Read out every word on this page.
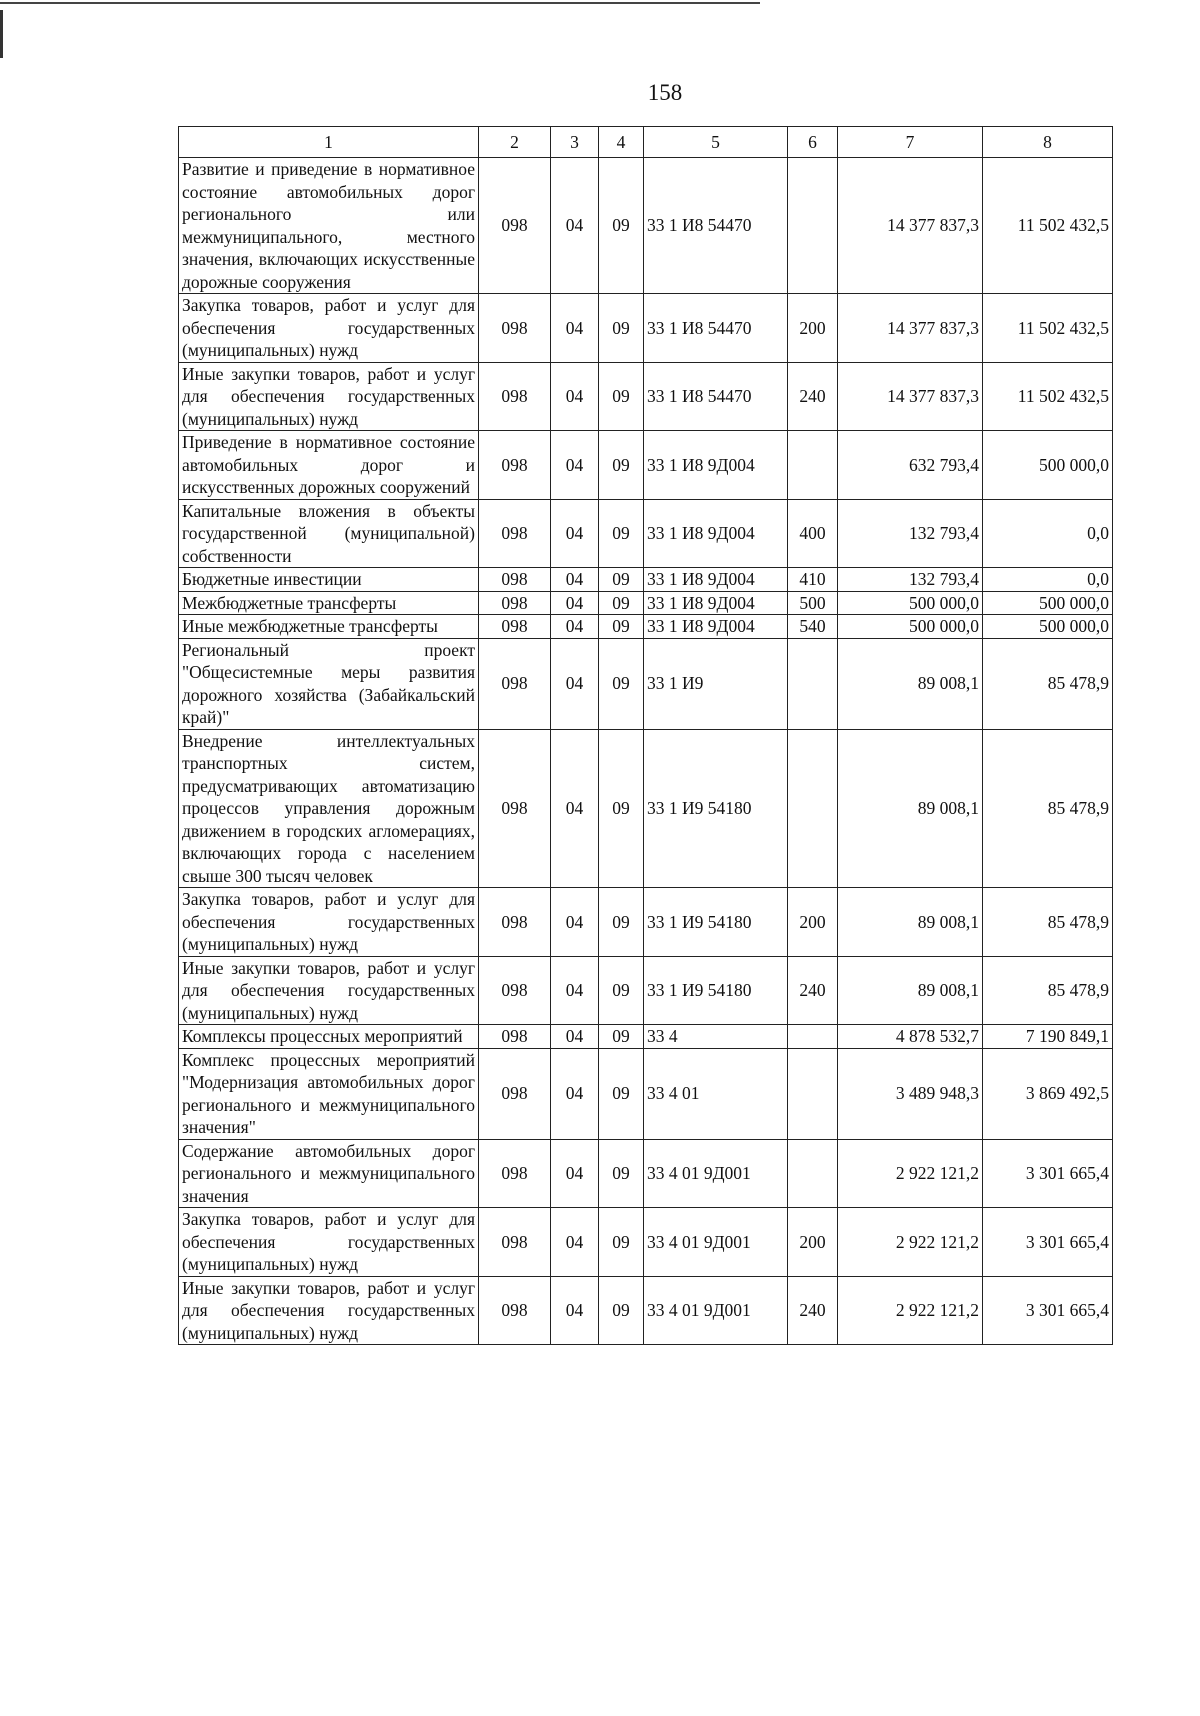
158
1	2	3	4	5	6	7	8
Развитие и приведение в нормативное состояние автомобильных дорог регионального или межмуниципального, местного значения, включающих искусственные дорожные сооружения	098	04	09	33 1 И8 54470		14 377 837,3	11 502 432,5
Закупка товаров, работ и услуг для обеспечения государственных (муниципальных) нужд	098	04	09	33 1 И8 54470	200	14 377 837,3	11 502 432,5
Иные закупки товаров, работ и услуг для обеспечения государственных (муниципальных) нужд	098	04	09	33 1 И8 54470	240	14 377 837,3	11 502 432,5
Приведение в нормативное состояние автомобильных дорог и искусственных дорожных сооружений	098	04	09	33 1 И8 9Д004		632 793,4	500 000,0
Капитальные вложения в объекты государственной (муниципальной) собственности	098	04	09	33 1 И8 9Д004	400	132 793,4	0,0
Бюджетные инвестиции	098	04	09	33 1 И8 9Д004	410	132 793,4	0,0
Межбюджетные трансферты	098	04	09	33 1 И8 9Д004	500	500 000,0	500 000,0
Иные межбюджетные трансферты	098	04	09	33 1 И8 9Д004	540	500 000,0	500 000,0
Региональный проект "Общесистемные меры развития дорожного хозяйства (Забайкальский край)"	098	04	09	33 1 И9		89 008,1	85 478,9
Внедрение интеллектуальных транспортных систем, предусматривающих автоматизацию процессов управления дорожным движением в городских агломерациях, включающих города с населением свыше 300 тысяч человек	098	04	09	33 1 И9 54180		89 008,1	85 478,9
Закупка товаров, работ и услуг для обеспечения государственных (муниципальных) нужд	098	04	09	33 1 И9 54180	200	89 008,1	85 478,9
Иные закупки товаров, работ и услуг для обеспечения государственных (муниципальных) нужд	098	04	09	33 1 И9 54180	240	89 008,1	85 478,9
Комплексы процессных мероприятий	098	04	09	33 4		4 878 532,7	7 190 849,1
Комплекс процессных мероприятий "Модернизация автомобильных дорог регионального и межмуниципального значения"	098	04	09	33 4 01		3 489 948,3	3 869 492,5
Содержание автомобильных дорог регионального и межмуниципального значения	098	04	09	33 4 01 9Д001		2 922 121,2	3 301 665,4
Закупка товаров, работ и услуг для обеспечения государственных (муниципальных) нужд	098	04	09	33 4 01 9Д001	200	2 922 121,2	3 301 665,4
Иные закупки товаров, работ и услуг для обеспечения государственных (муниципальных) нужд	098	04	09	33 4 01 9Д001	240	2 922 121,2	3 301 665,4
